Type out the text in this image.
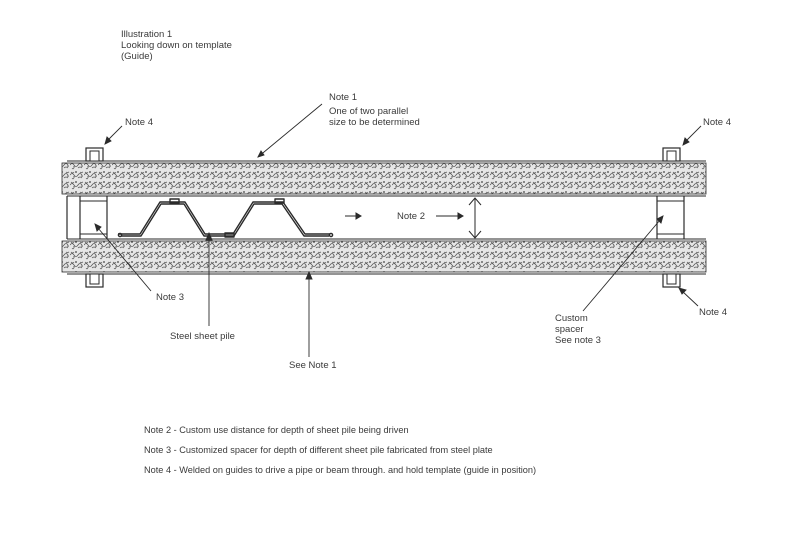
Illustration 1
Looking down on template
(Guide)
Note 1
One of two parallel
size to be determined
Note 4	Note 4
Note 4
Note 2
Note 3
Steel sheet pile
See Note 1
Custom
spacer
See note 3
Note 2 - Custom use distance for depth of sheet pile being driven
Note 3 - Customized spacer for depth of different sheet pile fabricated from steel plate
Note 4 - Welded on guides to drive a pipe or beam through. and hold template (guide in position)
